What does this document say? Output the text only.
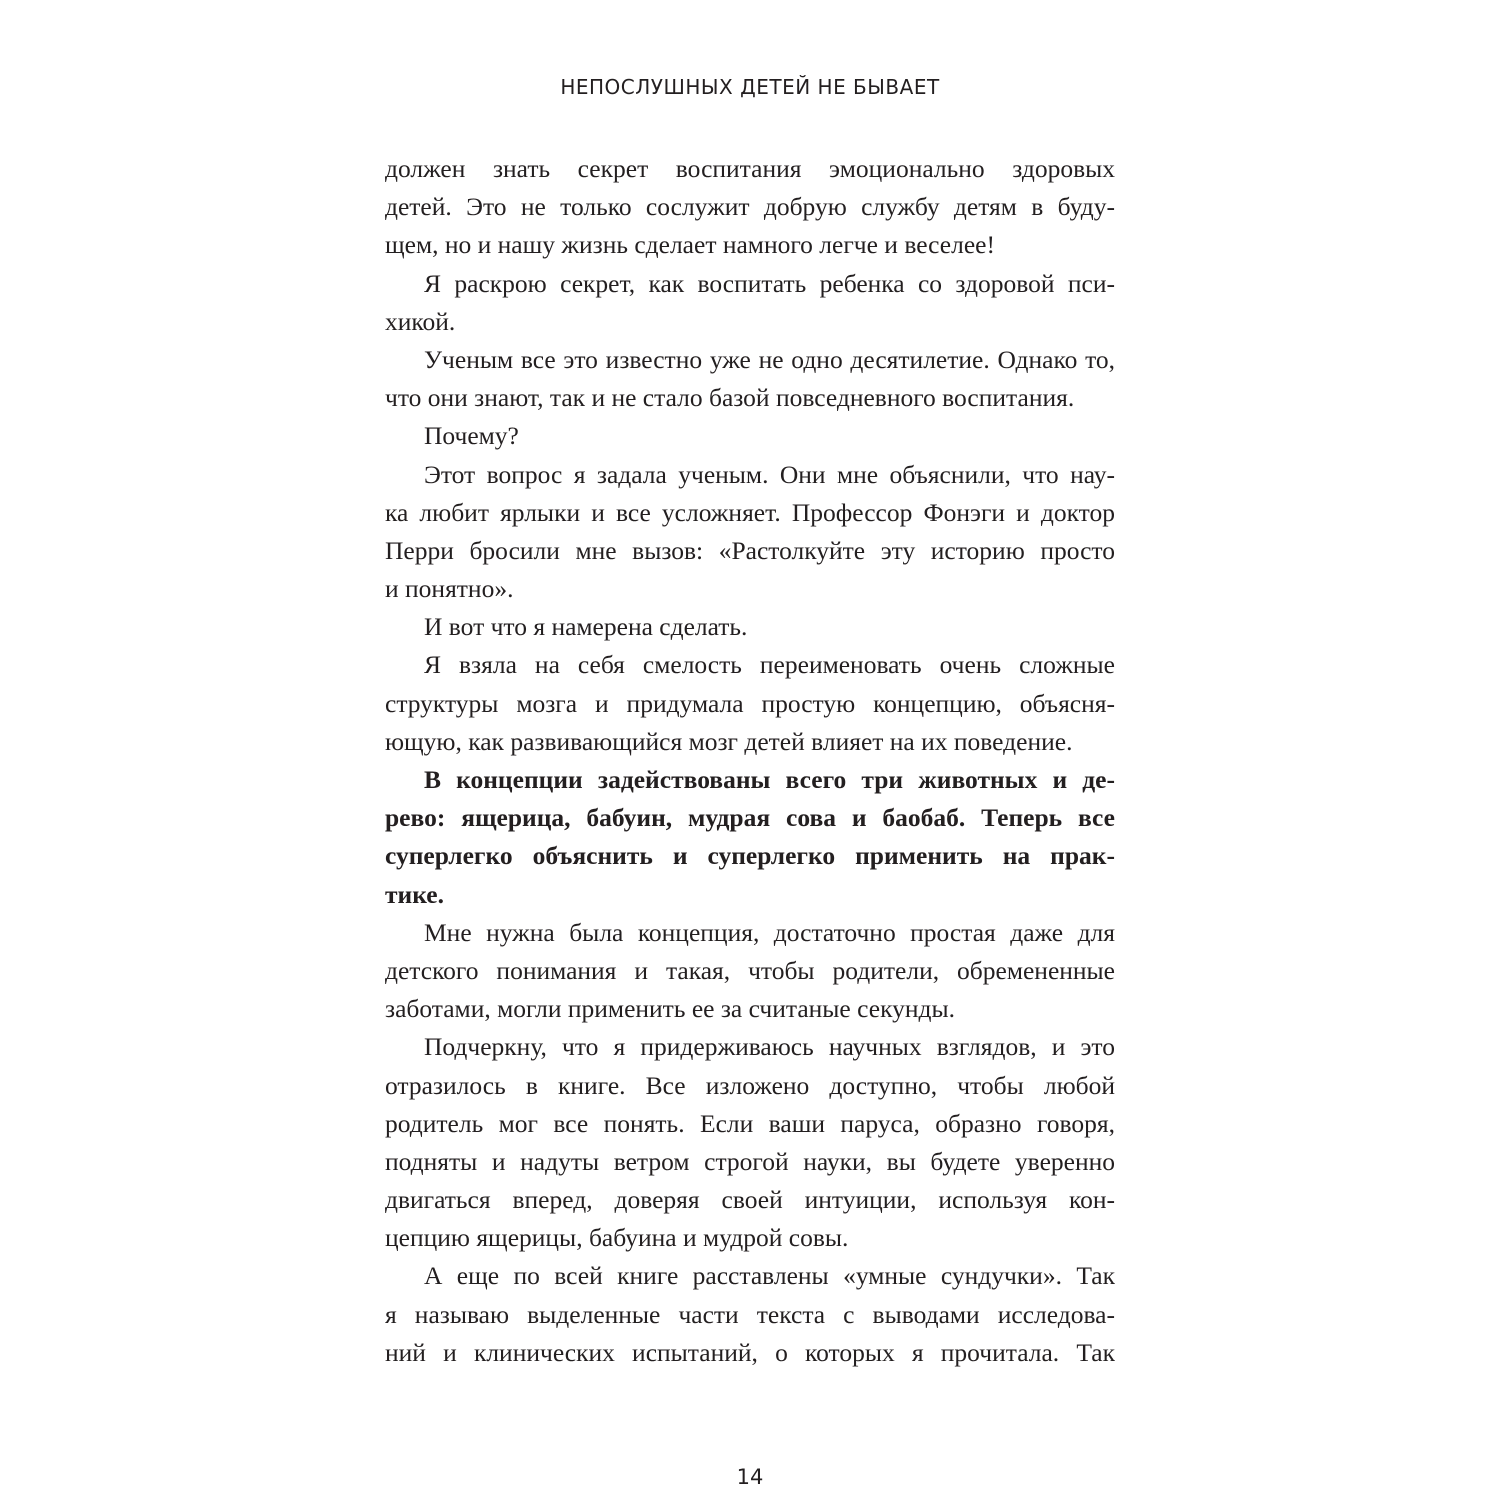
НЕПОСЛУШНЫХ ДЕТЕЙ НЕ БЫВАЕТ
должен знать секрет воспитания эмоционально здоровых
детей. Это не только сослужит добрую службу детям в буду-
щем, но и нашу жизнь сделает намного легче и веселее!
Я раскрою секрет, как воспитать ребенка со здоровой пси-
хикой.
Ученым все это известно уже не одно десятилетие. Однако то,
что они знают, так и не стало базой повседневного воспитания.
Почему?
Этот вопрос я задала ученым. Они мне объяснили, что нау-
ка любит ярлыки и все усложняет. Профессор Фонэги и доктор
Перри бросили мне вызов: «Растолкуйте эту историю просто
и понятно».
И вот что я намерена сделать.
Я взяла на себя смелость переименовать очень сложные
структуры мозга и придумала простую концепцию, объясня-
ющую, как развивающийся мозг детей влияет на их поведение.
В концепции задействованы всего три животных и де-
рево: ящерица, бабуин, мудрая сова и баобаб. Теперь все
суперлегко объяснить и суперлегко применить на прак-
тике.
Мне нужна была концепция, достаточно простая даже для
детского понимания и такая, чтобы родители, обремененные
заботами, могли применить ее за считаные секунды.
Подчеркну, что я придерживаюсь научных взглядов, и это
отразилось в книге. Все изложено доступно, чтобы любой
родитель мог все понять. Если ваши паруса, образно говоря,
подняты и надуты ветром строгой науки, вы будете уверенно
двигаться вперед, доверяя своей интуиции, используя кон-
цепцию ящерицы, бабуина и мудрой совы.
А еще по всей книге расставлены «умные сундучки». Так
я называю выделенные части текста с выводами исследова-
ний и клинических испытаний, о которых я прочитала. Так
14
